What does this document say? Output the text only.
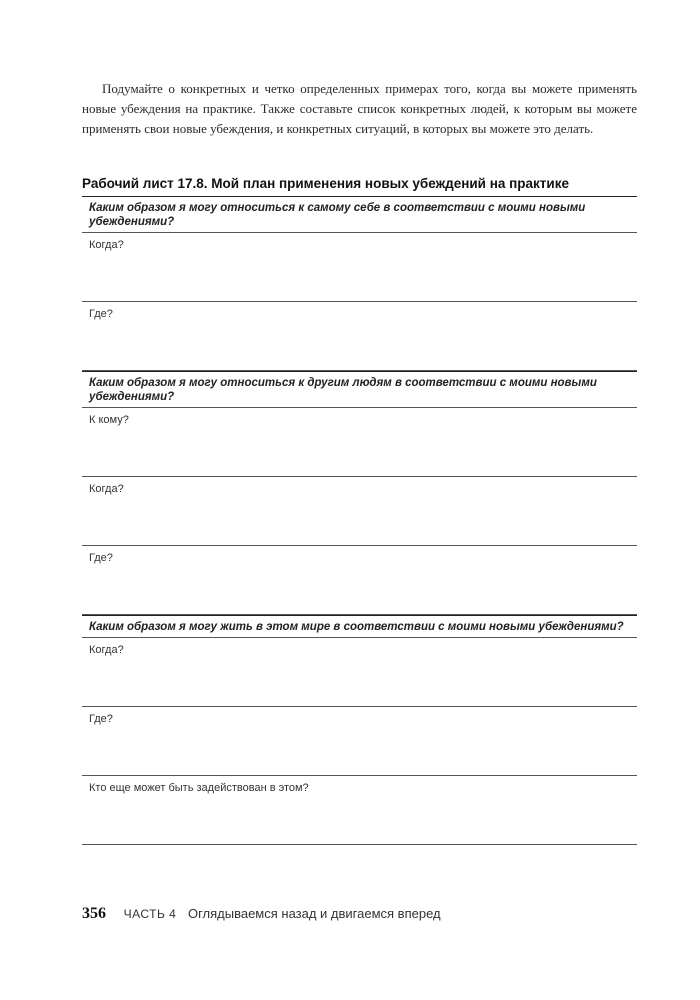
Подумайте о конкретных и четко определенных примерах того, когда вы можете применять новые убеждения на практике. Также составьте список конкретных людей, к которым вы можете применять свои новые убеждения, и конкретных ситуаций, в которых вы можете это делать.

Рабочий лист 17.8. Мой план применения новых убеждений на практике
Каким образом я могу относиться к самому себе в соответствии с моими новыми убеждениями?
Когда?
Где?
Каким образом я могу относиться к другим людям в соответствии с моими новыми убеждениями?
К кому?
Когда?
Где?
Каким образом я могу жить в этом мире в соответствии с моими новыми убеждениями?
Когда?
Где?
Кто еще может быть задействован в этом?
356 ЧАСТЬ 4 Оглядываемся назад и двигаемся вперед
